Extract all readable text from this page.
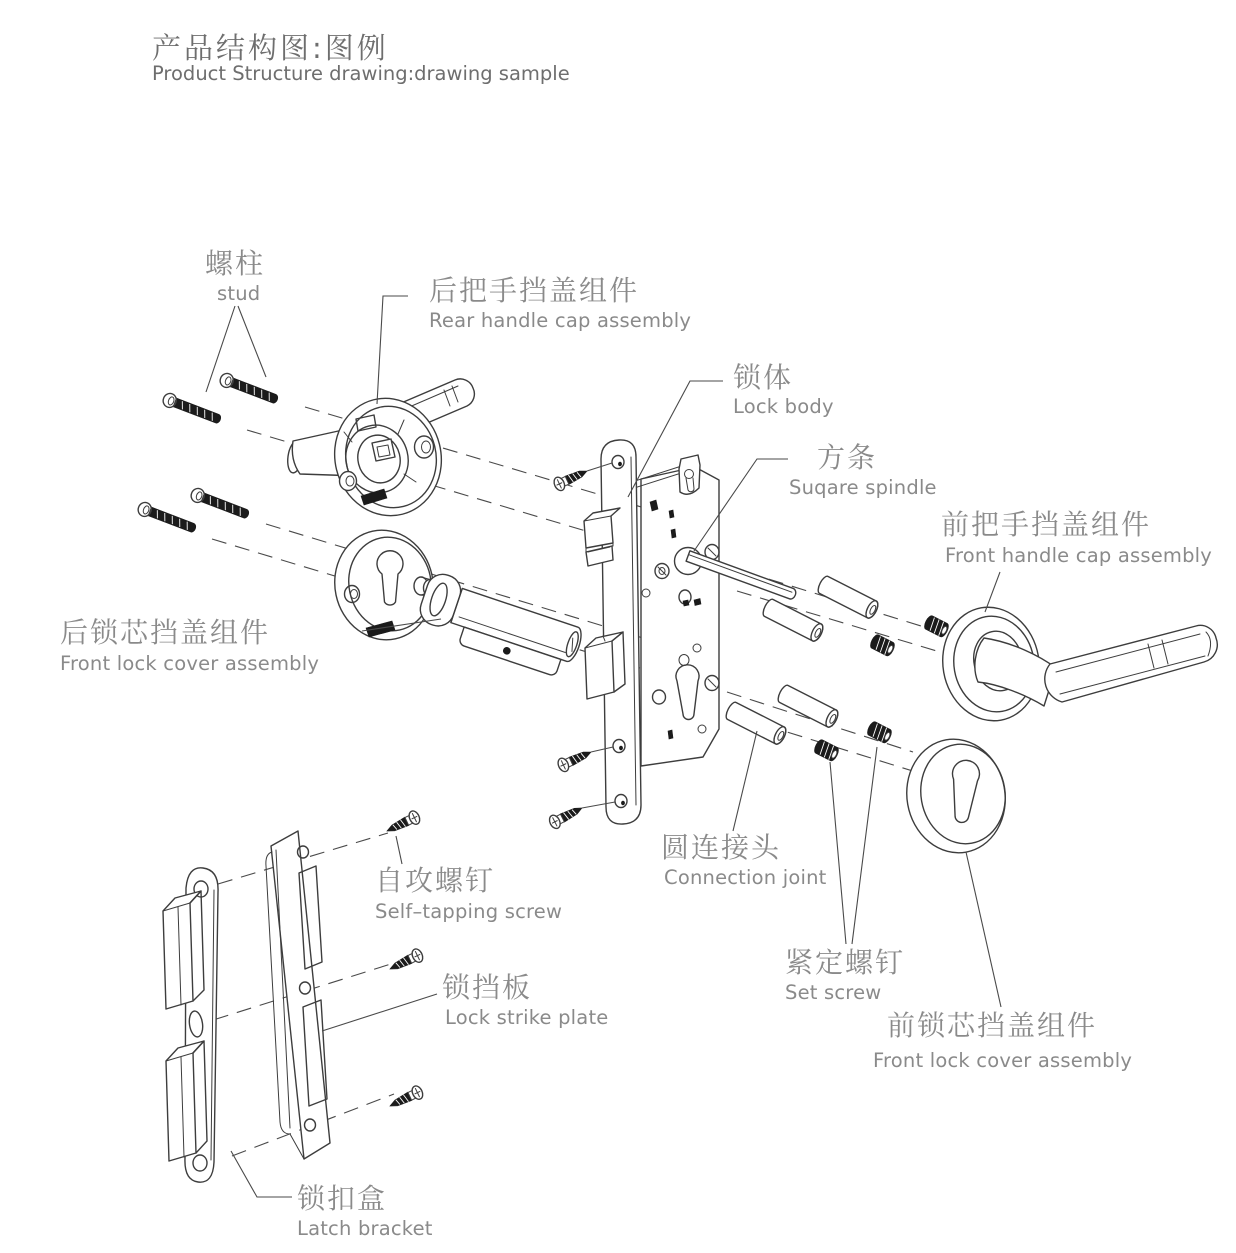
产品结构图:图例
Product Structure drawing:drawing sample
螺柱
stud	后把手挡盖组件
Rear handle cap assembly
锁体
Lock body
方条
Suqare spindle
前把手挡盖组件
Front handle cap assembly
后锁芯挡盖组件
Front lock cover assembly
圆连接头
Connection joint
自攻螺钉
Self–tapping screw
锁挡板
Lock strike plate
紧定螺钉
Set screw
前锁芯挡盖组件
Front lock cover assembly
锁扣盒
Latch bracket
